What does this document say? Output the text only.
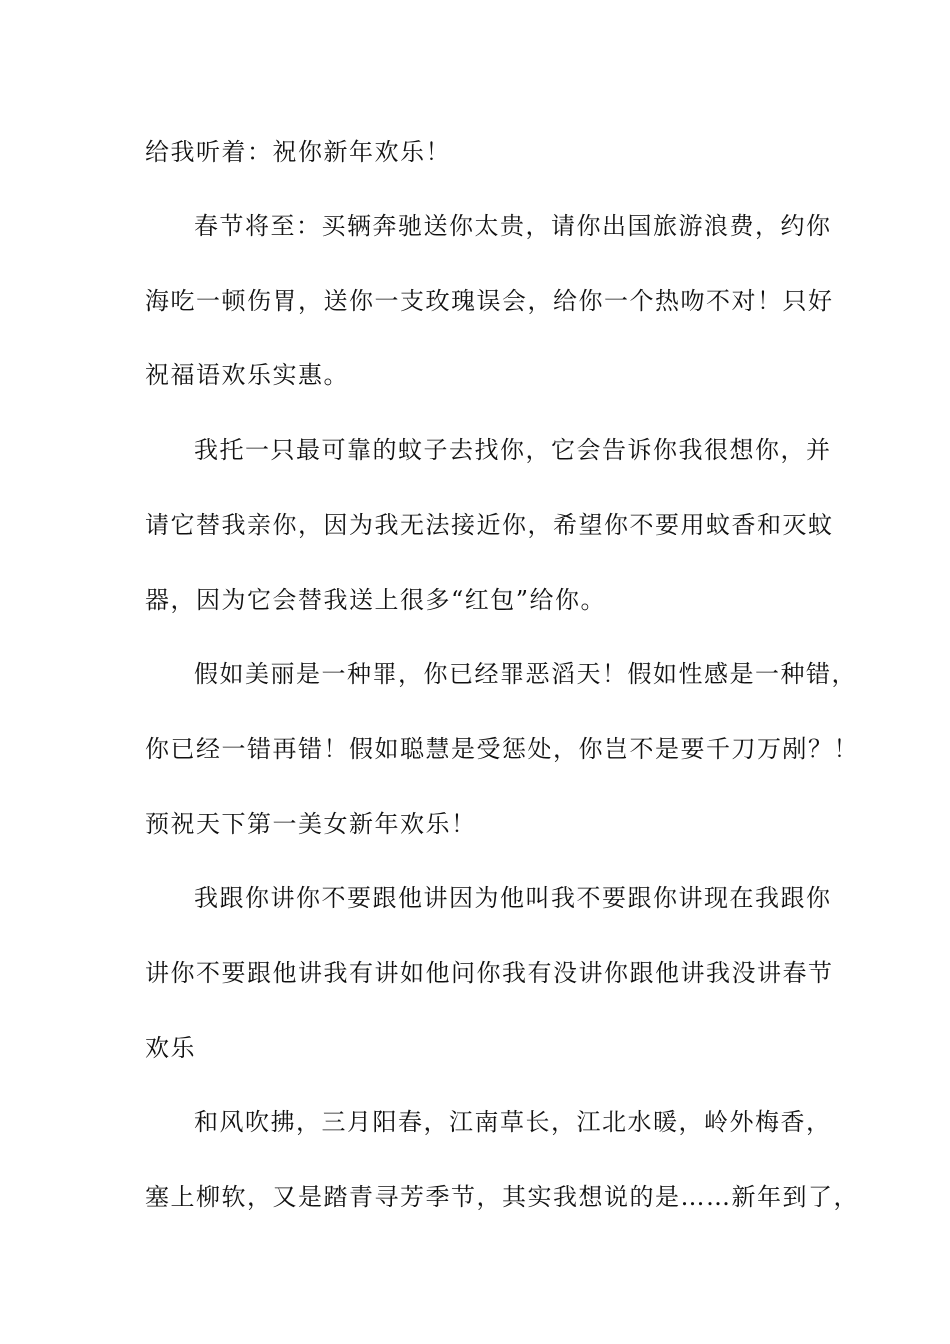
给我听着：祝你新年欢乐！
春节将至：买辆奔驰送你太贵，请你出国旅游浪费，约你
海吃一顿伤胃，送你一支玫瑰误会，给你一个热吻不对！只好
祝福语欢乐实惠。
我托一只最可靠的蚊子去找你，它会告诉你我很想你，并
请它替我亲你，因为我无法接近你，希望你不要用蚊香和灭蚊
器，因为它会替我送上很多“红包”给你。
假如美丽是一种罪，你已经罪恶滔天！假如性感是一种错，
你已经一错再错！假如聪慧是受惩处，你岂不是要千刀万剐？！
预祝天下第一美女新年欢乐！
我跟你讲你不要跟他讲因为他叫我不要跟你讲现在我跟你
讲你不要跟他讲我有讲如他问你我有没讲你跟他讲我没讲春节
欢乐
和风吹拂，三月阳春，江南草长，江北水暖，岭外梅香，
塞上柳软，又是踏青寻芳季节，其实我想说的是……新年到了，
